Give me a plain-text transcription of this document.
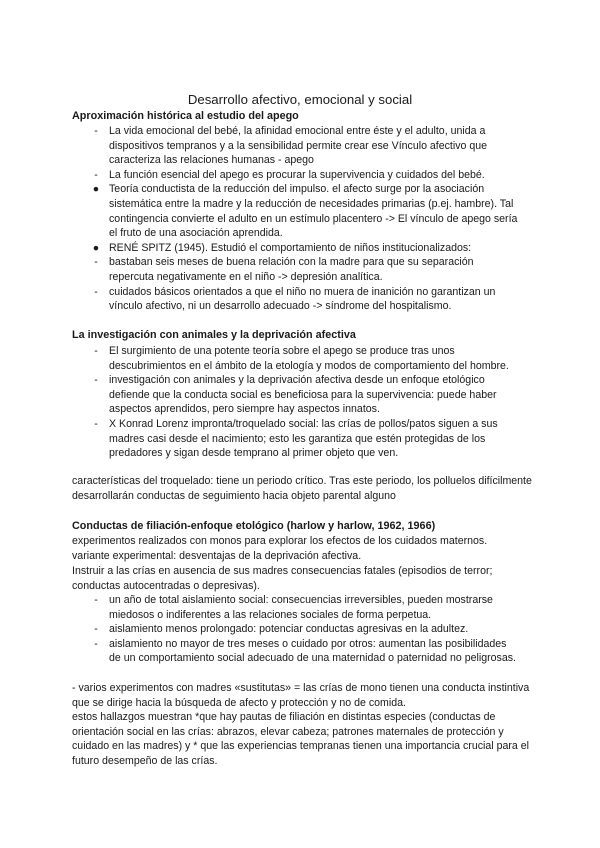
Desarrollo afectivo, emocional y social
Aproximación histórica al estudio del apego
-	La vida emocional del bebé, la afinidad emocional entre éste y el adulto, unida a dispositivos tempranos y a la sensibilidad permite crear ese Vínculo afectivo que caracteriza las relaciones humanas - apego
-	La función esencial del apego es procurar la supervivencia y cuidados del bebé.
● Teoría conductista de la reducción del impulso. el afecto surge por la asociación sistemática entre la madre y la reducción de necesidades primarias (p.ej. hambre). Tal contingencia convierte el adulto en un estímulo placentero -> El vínculo de apego sería el fruto de una asociación aprendida.
● RENÉ SPITZ (1945). Estudió el comportamiento de niños institucionalizados:
-	bastaban seis meses de buena relación con la madre para que su separación repercuta negativamente en el niño -> depresión analítica.
-	cuidados básicos orientados a que el niño no muera de inanición no garantizan un vínculo afectivo, ni un desarrollo adecuado -> síndrome del hospitalismo.
La investigación con animales y la deprivación afectiva
-	El surgimiento de una potente teoría sobre el apego se produce tras unos descubrimientos en el ámbito de la etología y modos de comportamiento del hombre.
-	investigación con animales y la deprivación afectiva desde un enfoque etológico defiende que la conducta social es beneficiosa para la supervivencia: puede haber aspectos aprendidos, pero siempre hay aspectos innatos.
-	X Konrad Lorenz impronta/troquelado social: las crías de pollos/patos siguen a sus madres casi desde el nacimiento; esto les garantiza que estén protegidas de los predadores y sigan desde temprano al primer objeto que ven.

características del troquelado: tiene un periodo crítico. Tras este periodo, los polluelos difícilmente desarrollarán conductas de seguimiento hacia objeto parental alguno

Conductas de filiación-enfoque etológico (harlow y harlow, 1962, 1966)

experimentos realizados con monos para explorar los efectos de los cuidados maternos.

variante experimental: desventajas de la deprivación afectiva.

Instruir a las crías en ausencia de sus madres consecuencias fatales (episodios de terror; conductas autocentradas o depresivas).

-	un año de total aislamiento social: consecuencias irreversibles, pueden mostrarse miedosos o indiferentes a las relaciones sociales de forma perpetua.
-	aislamiento menos prolongado: potenciar conductas agresivas en la adultez.
-	aislamiento no mayor de tres meses o cuidado por otros: aumentan las posibilidades de un comportamiento social adecuado de una maternidad o paternidad no peligrosas.

- varios experimentos con madres «sustitutas» = las crías de mono tienen una conducta instintiva que se dirige hacia la búsqueda de afecto y protección y no de comida.

estos hallazgos muestran *que hay pautas de filiación en distintas especies (conductas de orientación social en las crías: abrazos, elevar cabeza; patrones maternales de protección y cuidado en las madres) y * que las experiencias tempranas tienen una importancia crucial para el futuro desempeño de las crías.
